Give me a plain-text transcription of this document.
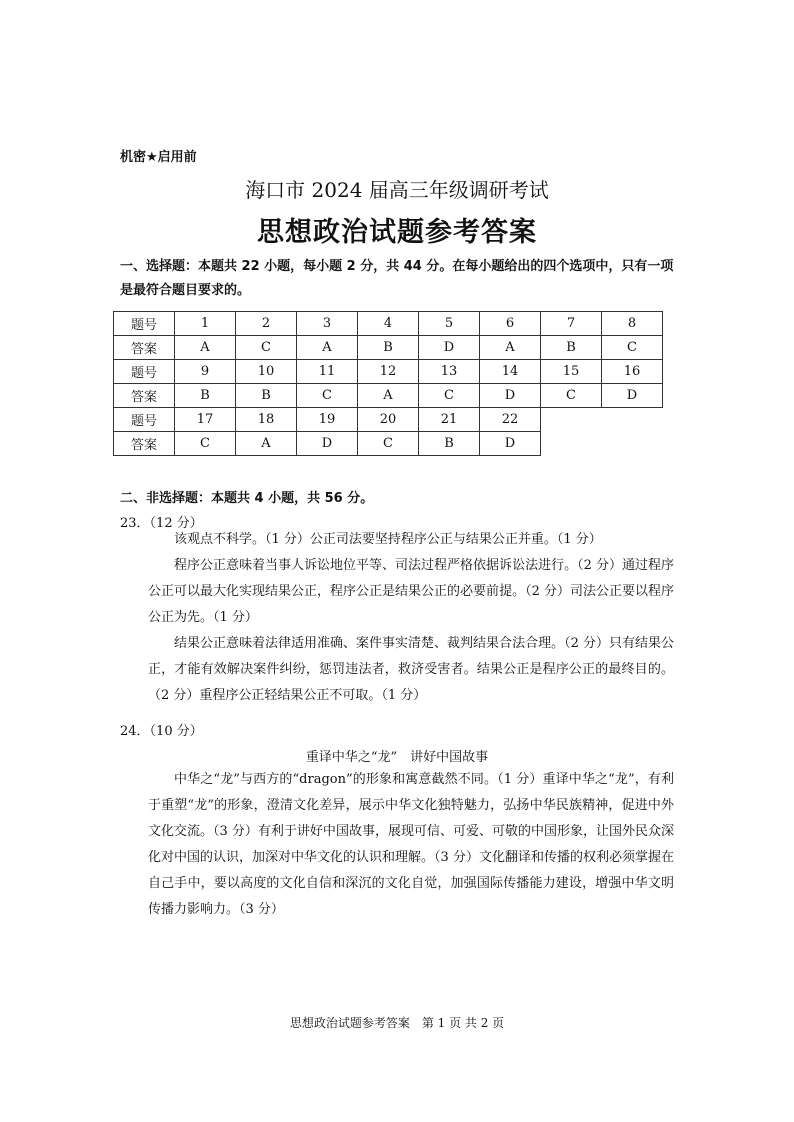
机密★启用前
海口市 2024 届高三年级调研考试
思想政治试题参考答案
一、选择题：本题共 22 小题，每小题 2 分，共 44 分。在每小题给出的四个选项中，只有一项是最符合题目要求的。
题号	1	2	3	4	5	6	7	8
答案	A	C	A	B	D	A	B	C
题号	9	10	11	12	13	14	15	16
答案	B	B	C	A	C	D	C	D
题号	17	18	19	20	21	22		
答案	C	A	D	C	B	D		
二、非选择题：本题共 4 小题，共 56 分。
23．（12 分）
该观点不科学。（1 分）公正司法要坚持程序公正与结果公正并重。（1 分）
程序公正意味着当事人诉讼地位平等、司法过程严格依据诉讼法进行。（2 分）通过程序公正可以最大化实现结果公正，程序公正是结果公正的必要前提。（2 分）司法公正要以程序公正为先。（1 分）
结果公正意味着法律适用准确、案件事实清楚、裁判结果合法合理。（2 分）只有结果公正，才能有效解决案件纠纷，惩罚违法者，救济受害者。结果公正是程序公正的最终目的。（2 分）重程序公正轻结果公正不可取。（1 分）
24．（10 分）
重译中华之“龙”　讲好中国故事
中华之“龙”与西方的“dragon”的形象和寓意截然不同。（1 分）重译中华之“龙”，有利于重塑“龙”的形象，澄清文化差异，展示中华文化独特魅力，弘扬中华民族精神，促进中外文化交流。（3 分）有利于讲好中国故事，展现可信、可爱、可敬的中国形象，让国外民众深化对中国的认识，加深对中华文化的认识和理解。（3 分）文化翻译和传播的权利必须掌握在自己手中，要以高度的文化自信和深沉的文化自觉，加强国际传播能力建设，增强中华文明传播力影响力。（3 分）
思想政治试题参考答案　第 1 页 共 2 页
